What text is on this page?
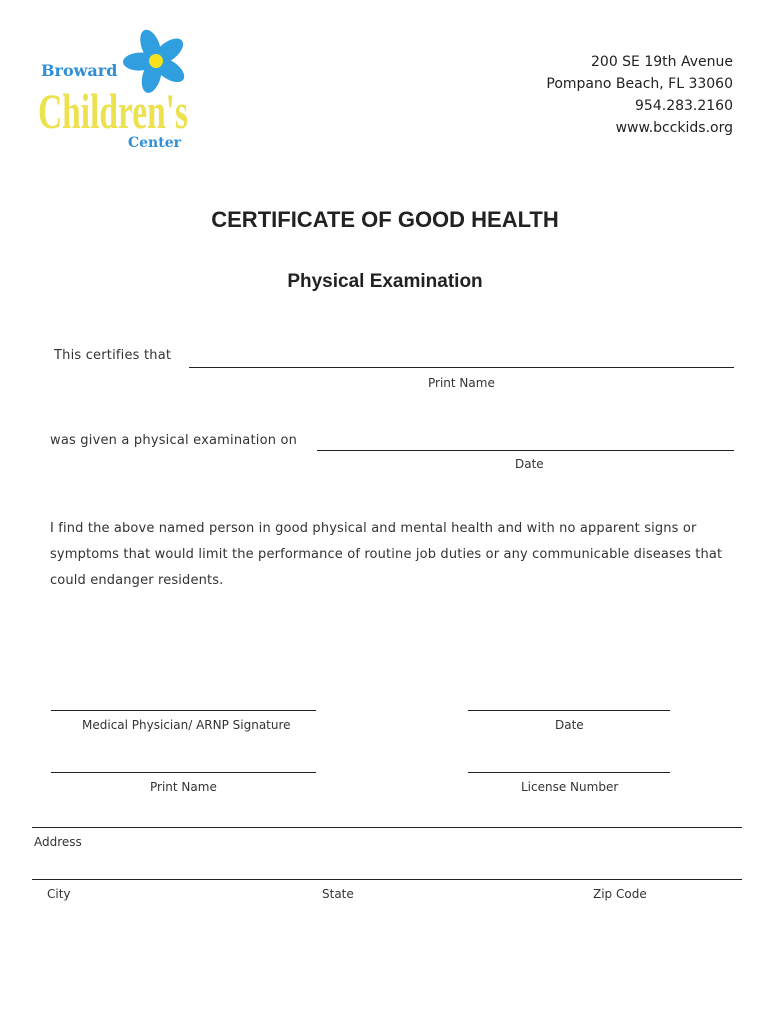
Broward
Children's
Center
200 SE 19th Avenue
Pompano Beach, FL 33060
954.283.2160
www.bcckids.org
CERTIFICATE OF GOOD HEALTH
Physical Examination
This certifies that
Print Name
was given a physical examination on
Date
I find the above named person in good physical and mental health and with no apparent signs or symptoms that would limit the performance of routine job duties or any communicable diseases that could endanger residents.
Medical Physician/ ARNP Signature	Date
Print Name	License Number
Address
City	State	Zip Code
